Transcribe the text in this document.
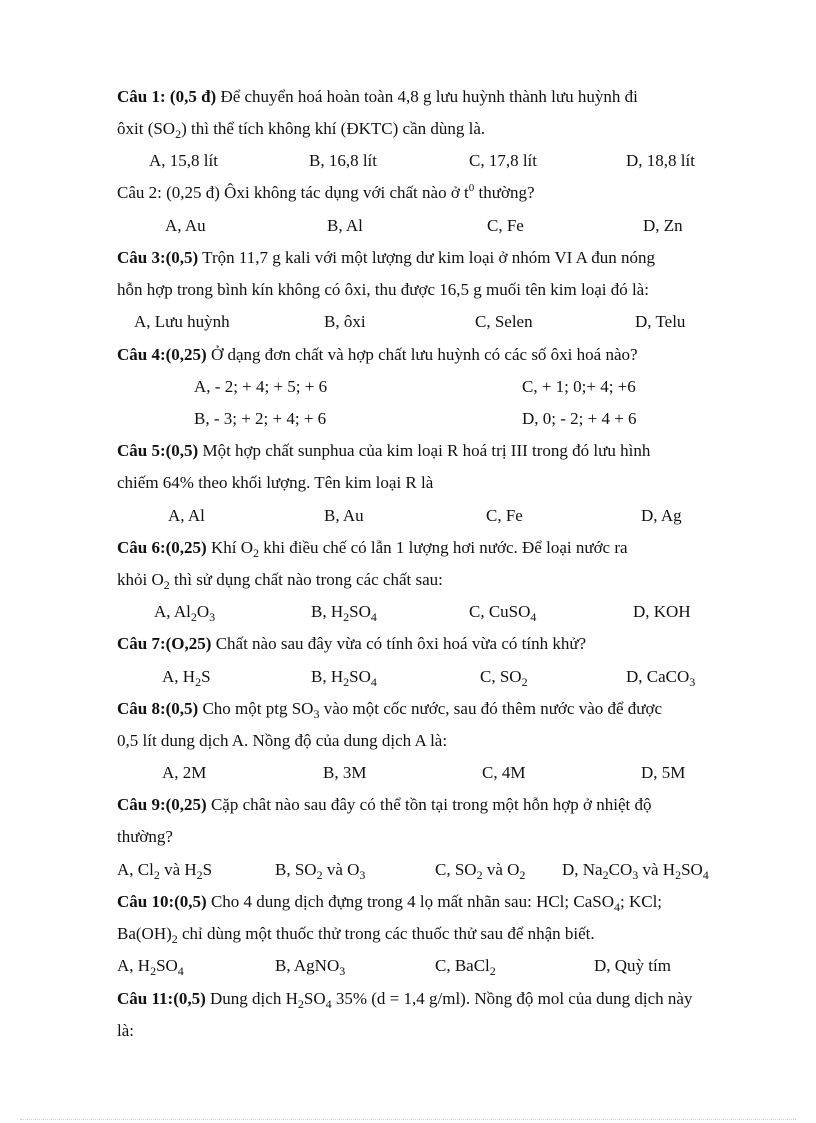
Câu 1: (0,5 đ) Để chuyển hoá hoàn toàn 4,8 g lưu huỳnh thành lưu huỳnh đi
ôxit $(SO_2)$ thì thể tích không khí (ĐKTC) cần dùng là.
A, 15,8 lít	B, 16,8 lít	C, 17,8 lít	D, 18,8 lít
Câu 2: (0,25 đ) Ôxi không tác dụng với chất nào ở $t^0$ thường?
A, Au	B, Al	C, Fe	D, Zn
Câu 3:(0,5) Trộn 11,7 g kali với một lượng dư kim loại ở nhóm VI A đun nóng
hỗn hợp trong bình kín không có ôxi, thu được 16,5 g muối tên kim loại đó là:
A, Lưu huỳnh	B, ôxi	C, Selen	D, Telu
Câu 4:(0,25) Ở dạng đơn chất và hợp chất lưu huỳnh có các số ôxi hoá nào?
A, - 2; + 4; + 5; + 6	C, + 1; 0;+ 4; +6
B, - 3; + 2; + 4; + 6	D, 0; - 2; + 4 + 6
Câu 5:(0,5) Một hợp chất sunphua của kim loại R hoá trị III trong đó lưu hình
chiếm 64% theo khối lượng. Tên kim loại R là
A, Al	B, Au	C, Fe	D, Ag
Câu 6:(0,25) Khí $O_2$ khi điều chế có lẫn 1 lượng hơi nước. Để loại nước ra
khỏi $O_2$ thì sử dụng chất nào trong các chất sau:
A, $Al_2O_3$	B, $H_2SO_4$	C, CuSO$_4$	D, KOH
Câu 7:(O,25) Chất nào sau đây vừa có tính ôxi hoá vừa có tính khử?
A, $H_2S$	B, $H_2SO_4$	C, $SO_2$	D, CaCO$_3$
Câu 8:(0,5) Cho một ptg $SO_3$ vào một cốc nước, sau đó thêm nước vào để được
0,5 lít dung dịch A. Nồng độ của dung dịch A là:
A, 2M	B, 3M	C, 4M	D, 5M
Câu 9:(0,25) Cặp chât nào sau đây có thể tồn tại trong một hỗn hợp ở nhiệt độ
thường?
A, $Cl_2$ và $H_2S$	B, $SO_2$ và $O_3$	C, $SO_2$ và $O_2$ D, $Na_2CO_3$ và $H_2SO_4$
Câu 10:(0,5) Cho 4 dung dịch đựng trong 4 lọ mất nhãn sau: HCl; CaSO$_4$; KCl;
$Ba(OH)_2$ chỉ dùng một thuốc thử trong các thuốc thử sau để nhận biết.
A, $H_2SO_4$	B, AgNO$_3$	C, BaCl$_2$	D, Quỳ tím
Câu 11:(0,5) Dung dịch $H_2SO_4$ 35% (d = 1,4 g/ml). Nồng độ mol của dung dịch này
là:
